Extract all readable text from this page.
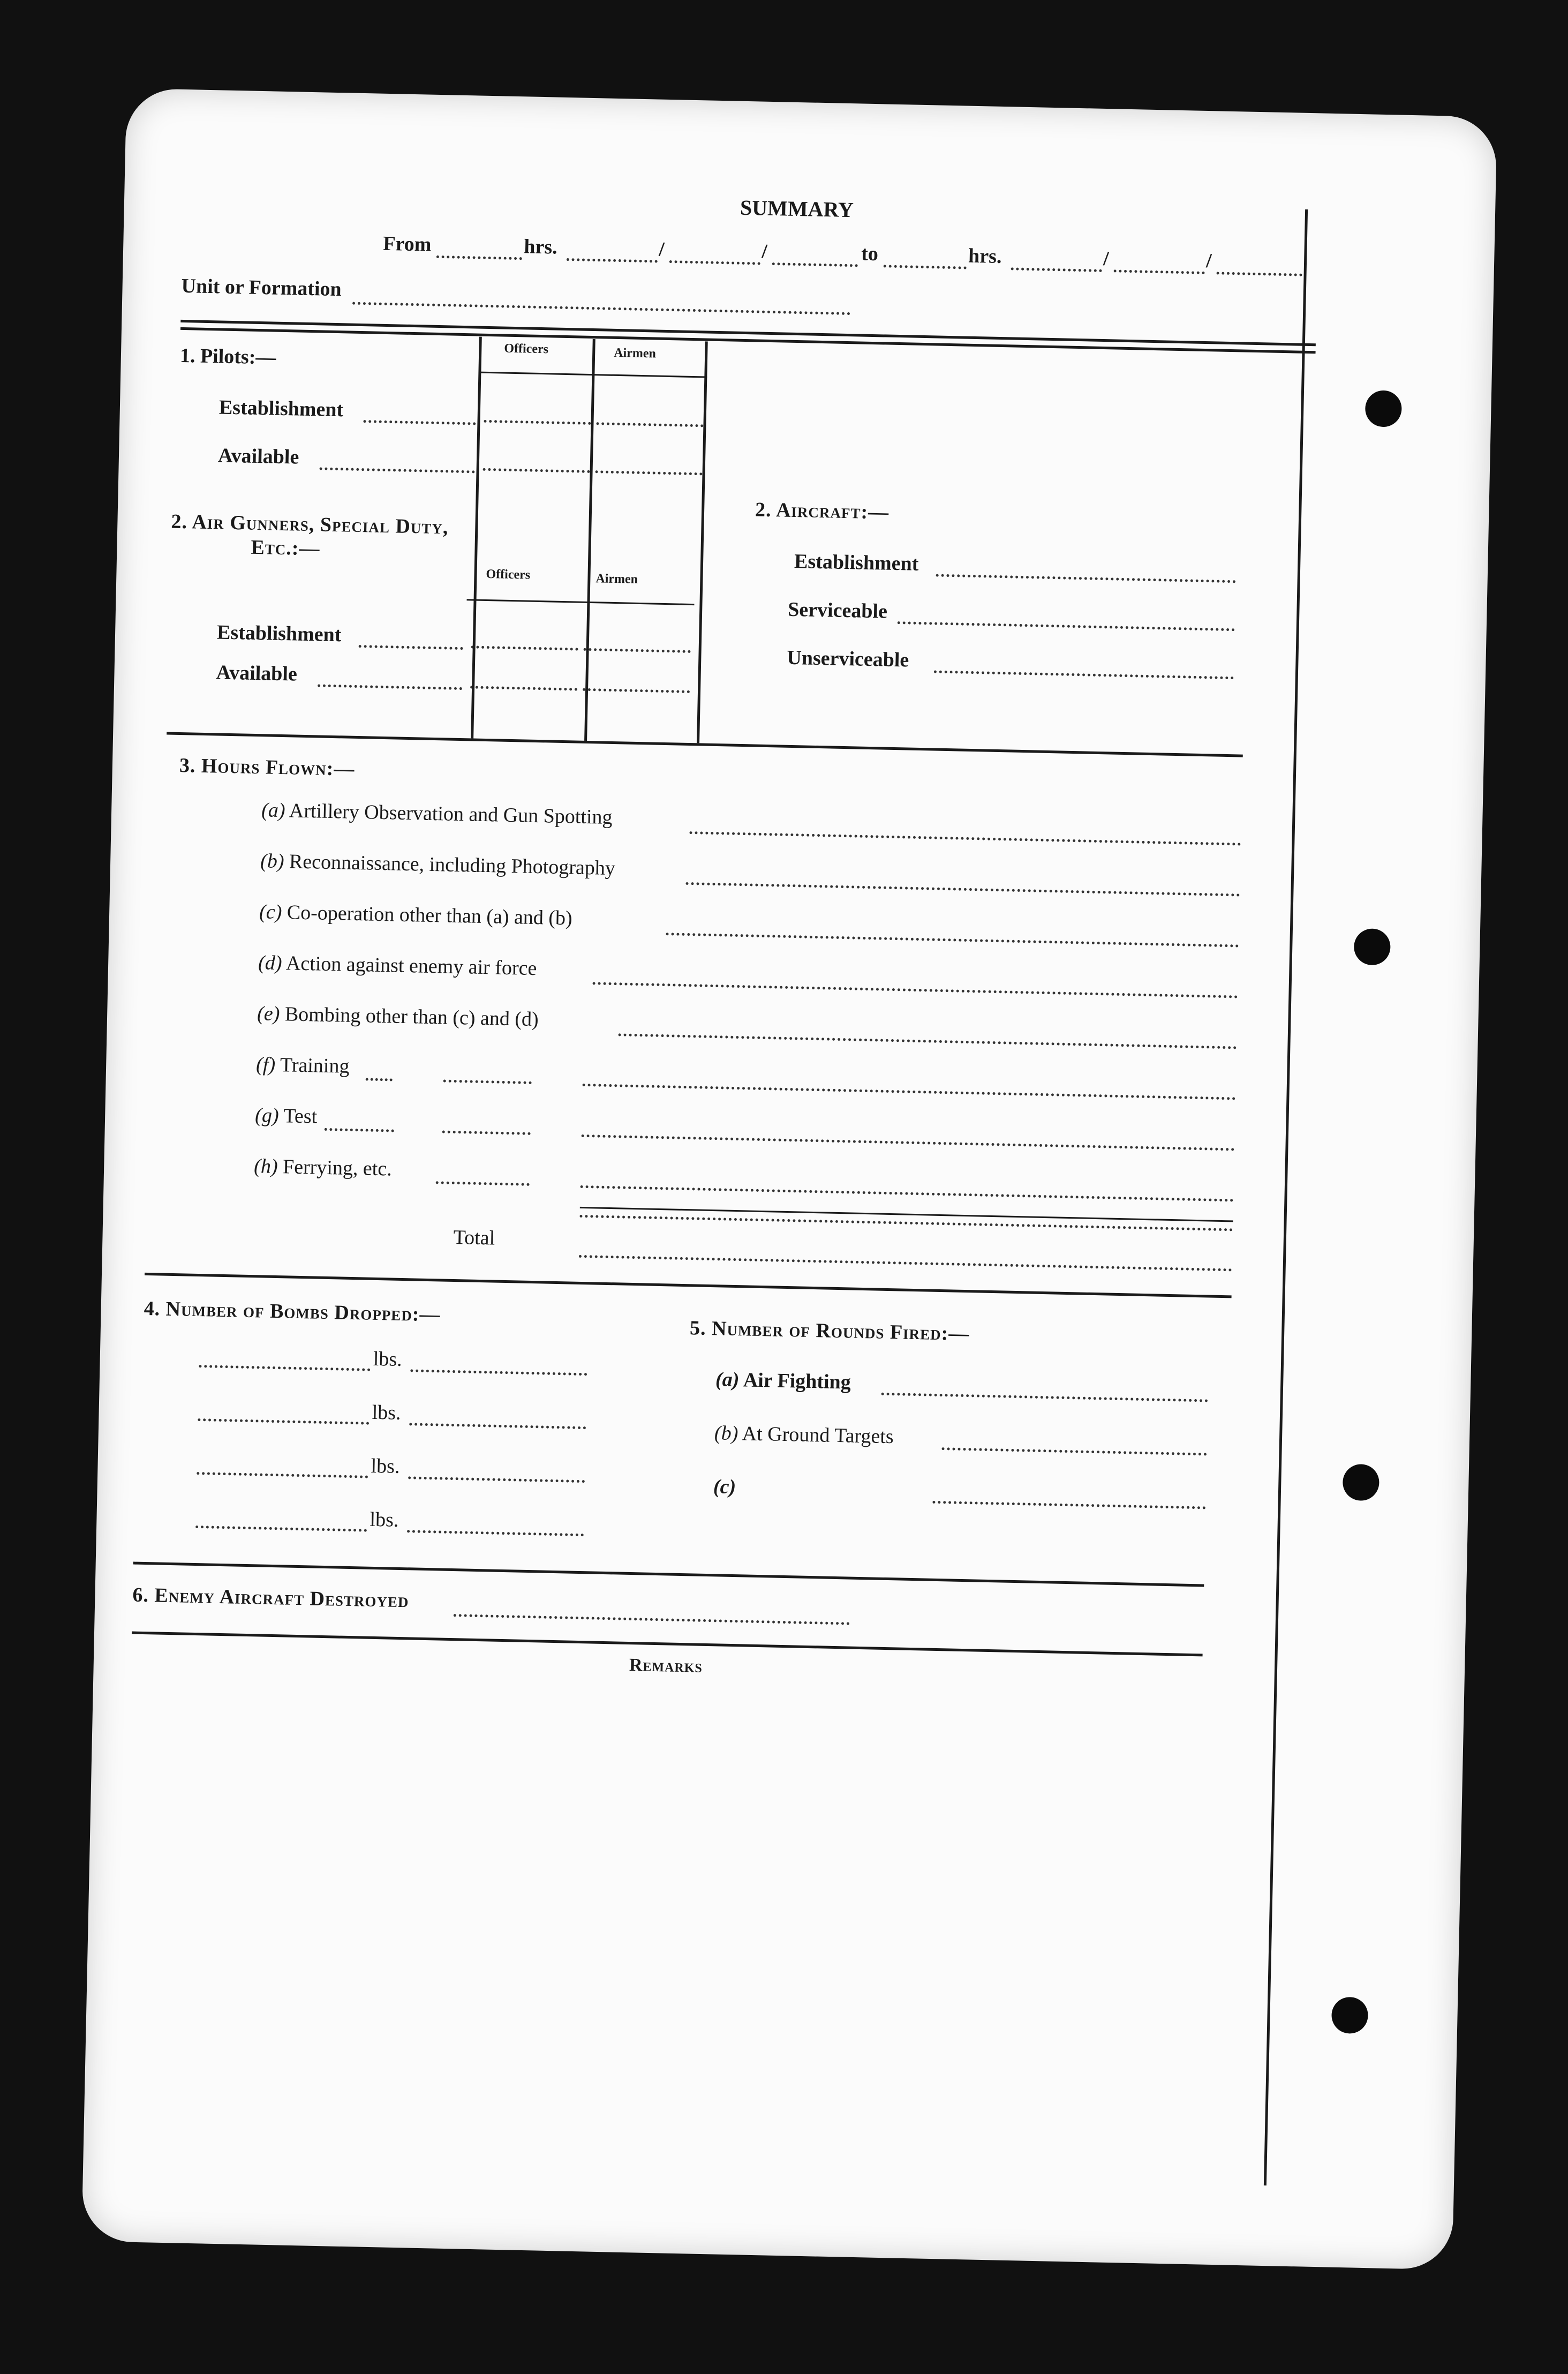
SUMMARY
From	hrs.	/	/	to	hrs.	/	/
Unit or Formation
1. Pilots:—	Officers	Airmen
Establishment
Available
2. Air Gunners, Special Duty,
Etc.:—
Officers	Airmen
Establishment
Available
2. Aircraft:—
Establishment
Serviceable
Unserviceable
3. Hours Flown:—
(a) Artillery Observation and Gun Spotting
(b) Reconnaissance, including Photography
(c) Co-operation other than (a) and (b)
(d) Action against enemy air force
(e) Bombing other than (c) and (d)
(f) Training
(g) Test
(h) Ferrying, etc.
Total
4. Number of Bombs Dropped:—
lbs.
lbs.
lbs.
lbs.
5. Number of Rounds Fired:—
(a) Air Fighting
(b) At Ground Targets
(c)
6. Enemy Aircraft Destroyed
Remarks
